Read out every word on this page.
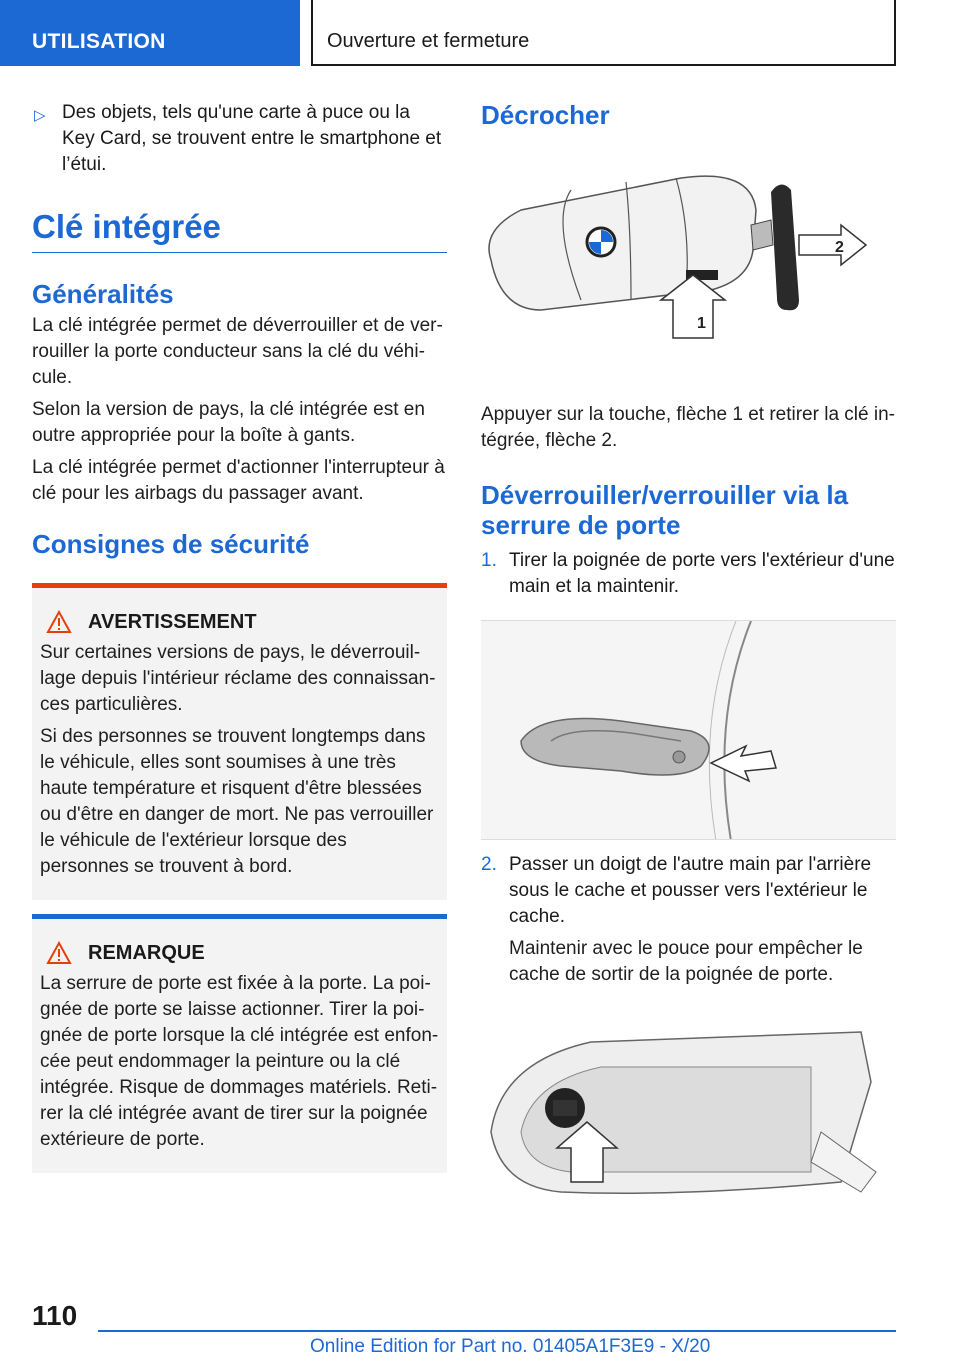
UTILISATION	Ouverture et fermeture
▷ Des objets, tels qu'une carte à puce ou la Key Card, se trouvent entre le smartphone et l’étui.
Clé intégrée
Généralités

La clé intégrée permet de déverrouiller et de verrouiller la porte conducteur sans la clé du véhicule.

Selon la version de pays, la clé intégrée est en outre appropriée pour la boîte à gants.

La clé intégrée permet d'actionner l'interrupteur à clé pour les airbags du passager avant.

Consignes de sécurité
AVERTISSEMENT

Sur certaines versions de pays, le déverrouillage depuis l'intérieur réclame des connaissances particulières.

Si des personnes se trouvent longtemps dans le véhicule, elles sont soumises à une très haute température et risquent d'être blessées ou d'être en danger de mort. Ne pas verrouiller le véhicule de l'extérieur lorsque des personnes se trouvent à bord.

REMARQUE

La serrure de porte est fixée à la porte. La poignée de porte se laisse actionner. Tirer la poignée de porte lorsque la clé intégrée est enfoncée peut endommager la peinture ou la clé intégrée. Risque de dommages matériels. Retirer la clé intégrée avant de tirer sur la poignée extérieure de porte.

Décrocher
2
1

Appuyer sur la touche, flèche 1 et retirer la clé intégrée, flèche 2.

Déverrouiller/verrouiller via la serrure de porte
1. Tirer la poignée de porte vers l'extérieur d'une main et la maintenir.
2. Passer un doigt de l'autre main par l'arrière sous le cache et pousser vers l'extérieur le cache.

Maintenir avec le pouce pour empêcher le cache de sortir de la poignée de porte.

110
Online Edition for Part no. 01405A1F3E9 - X/20
